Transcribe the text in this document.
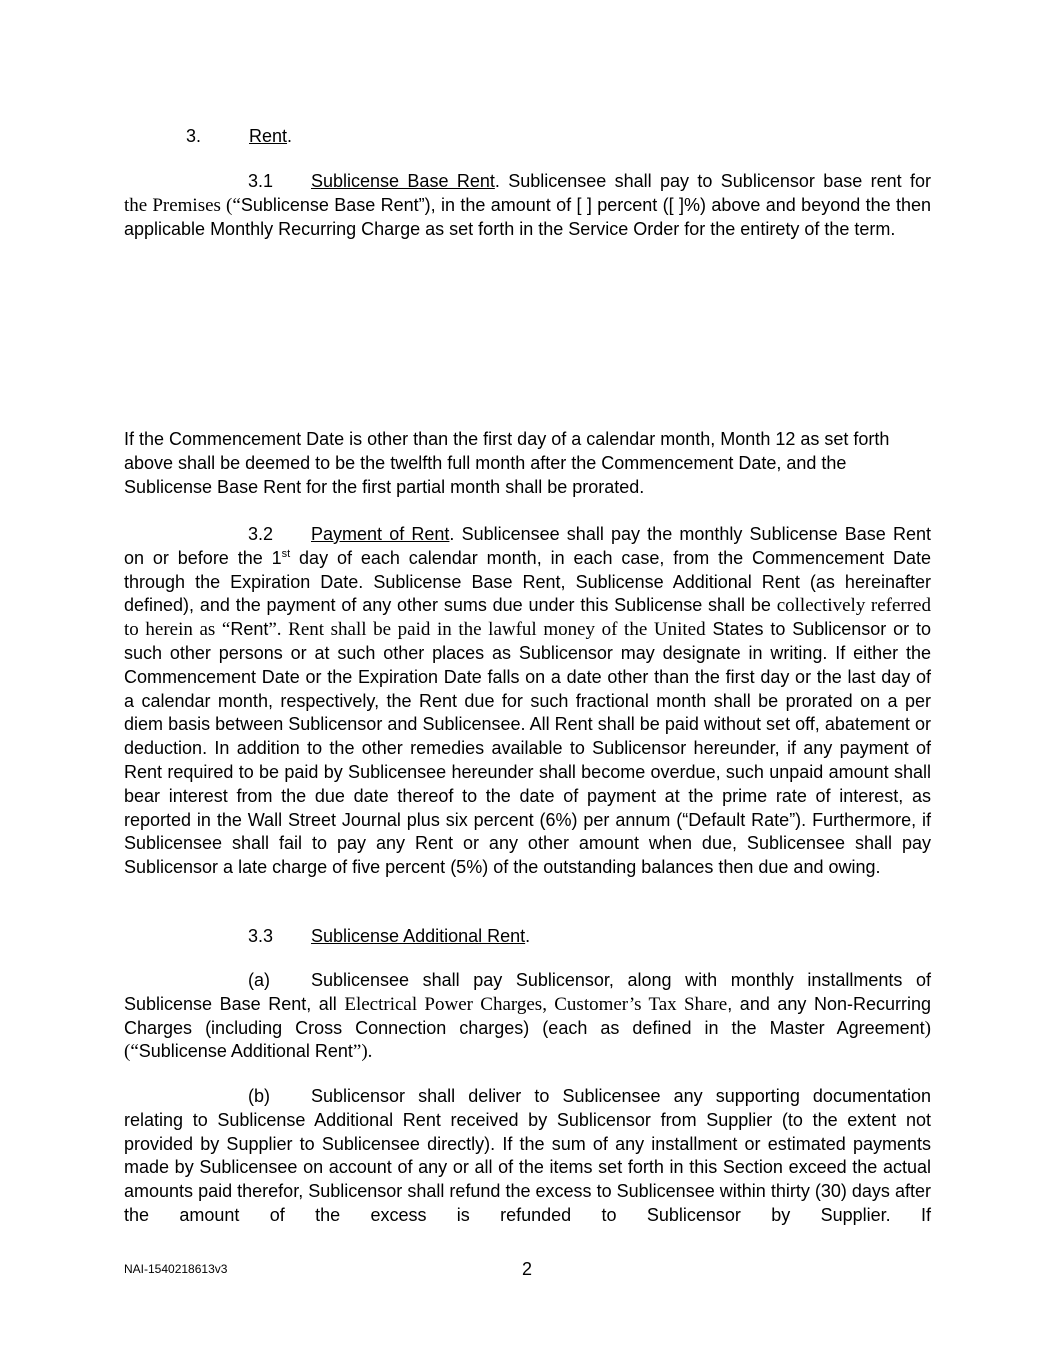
3.	Rent.
3.1 Sublicense Base Rent. Sublicensee shall pay to Sublicensor base rent for
the Premises (“Sublicense Base Rent”), in the amount of [ ] percent ([ ]%) above and beyond the then applicable Monthly Recurring Charge as set forth in the Service Order for the entirety of the term.
If the Commencement Date is other than the first day of a calendar month, Month 12 as set forth above shall be deemed to be the twelfth full month after the Commencement Date, and the Sublicense Base Rent for the first partial month shall be prorated.
3.2 Payment of Rent. Sublicensee shall pay the monthly Sublicense Base Rent on or before the 1st day of each calendar month, in each case, from the Commencement Date through the Expiration Date. Sublicense Base Rent, Sublicense Additional Rent (as hereinafter defined), and the payment of any other sums due under this Sublicense shall be collectively referred to herein as “Rent”. Rent shall be paid in the lawful money of the United States to Sublicensor or to such other persons or at such other places as Sublicensor may designate in writing. If either the Commencement Date or the Expiration Date falls on a date other than the first day or the last day of a calendar month, respectively, the Rent due for such fractional month shall be prorated on a per diem basis between Sublicensor and Sublicensee. All Rent shall be paid without set off, abatement or deduction. In addition to the other remedies available to Sublicensor hereunder, if any payment of Rent required to be paid by Sublicensee hereunder shall become overdue, such unpaid amount shall bear interest from the due date thereof to the date of payment at the prime rate of interest, as reported in the Wall Street Journal plus six percent (6%) per annum (“Default Rate”). Furthermore, if Sublicensee shall fail to pay any Rent or any other amount when due, Sublicensee shall pay Sublicensor a late charge of five percent (5%) of the outstanding balances then due and owing.
3.3 Sublicense Additional Rent.
(a) Sublicensee shall pay Sublicensor, along with monthly installments of Sublicense Base Rent, all Electrical Power Charges, Customer’s Tax Share, and any Non-Recurring Charges (including Cross Connection charges) (each as defined in the Master Agreement) (“Sublicense Additional Rent”).
(b) Sublicensor shall deliver to Sublicensee any supporting documentation relating to Sublicense Additional Rent received by Sublicensor from Supplier (to the extent not provided by Supplier to Sublicensee directly). If the sum of any installment or estimated payments made by Sublicensee on account of any or all of the items set forth in this Section exceed the actual amounts paid therefor, Sublicensor shall refund the excess to Sublicensee within thirty (30) days after the amount of the excess is refunded to Sublicensor by Supplier. If
NAI-1540218613v3	2
